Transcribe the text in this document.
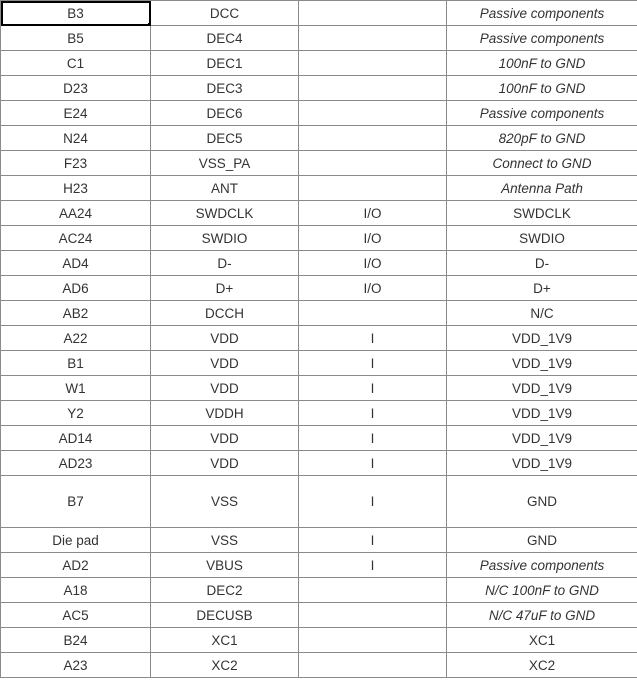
B3	DCC		Passive components
B5	DEC4		Passive components
C1	DEC1		100nF to GND
D23	DEC3		100nF to GND
E24	DEC6		Passive components
N24	DEC5		820pF to GND
F23	VSS_PA		Connect to GND
H23	ANT		Antenna Path
AA24	SWDCLK	I/O	SWDCLK
AC24	SWDIO	I/O	SWDIO
AD4	D-	I/O	D-
AD6	D+	I/O	D+
AB2	DCCH		N/C
A22	VDD	I	VDD_1V9
B1	VDD	I	VDD_1V9
W1	VDD	I	VDD_1V9
Y2	VDDH	I	VDD_1V9
AD14	VDD	I	VDD_1V9
AD23	VDD	I	VDD_1V9
B7	VSS	I	GND
Die pad	VSS	I	GND
AD2	VBUS	I	Passive components
A18	DEC2		N/C 100nF to GND
AC5	DECUSB		N/C 47uF to GND
B24	XC1		XC1
A23	XC2		XC2
